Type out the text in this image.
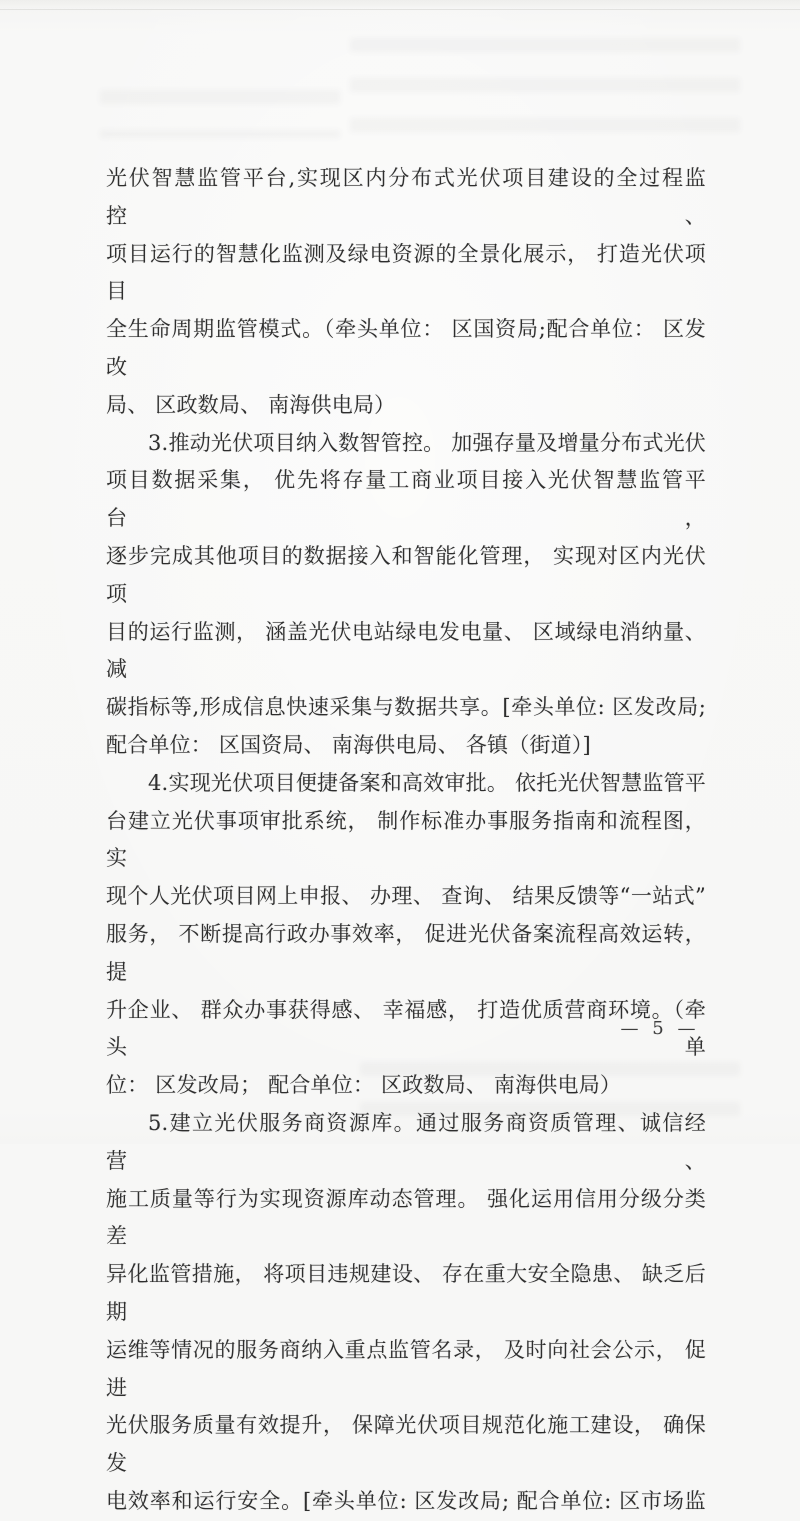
光伏智慧监管平台,实现区内分布式光伏项目建设的全过程监控、
项目运行的智慧化监测及绿电资源的全景化展示， 打造光伏项目
全生命周期监管模式。（牵头单位： 区国资局;配合单位： 区发改
局、 区政数局、 南海供电局）
3.推动光伏项目纳入数智管控。 加强存量及增量分布式光伏
项目数据采集， 优先将存量工商业项目接入光伏智慧监管平台，
逐步完成其他项目的数据接入和智能化管理， 实现对区内光伏项
目的运行监测， 涵盖光伏电站绿电发电量、 区域绿电消纳量、 减
碳指标等,形成信息快速采集与数据共享。[牵头单位: 区发改局;
配合单位： 区国资局、 南海供电局、 各镇（街道）]
4.实现光伏项目便捷备案和高效审批。 依托光伏智慧监管平
台建立光伏事项审批系统， 制作标准办事服务指南和流程图， 实
现个人光伏项目网上申报、 办理、 查询、 结果反馈等“一站式”
服务， 不断提高行政办事效率， 促进光伏备案流程高效运转， 提
升企业、 群众办事获得感、 幸福感， 打造优质营商环境。（牵头单
位： 区发改局； 配合单位： 区政数局、 南海供电局）
5.建立光伏服务商资源库。通过服务商资质管理、诚信经营、
施工质量等行为实现资源库动态管理。 强化运用信用分级分类差
异化监管措施， 将项目违规建设、 存在重大安全隐患、 缺乏后期
运维等情况的服务商纳入重点监管名录， 及时向社会公示， 促进
光伏服务质量有效提升， 保障光伏项目规范化施工建设， 确保发
电效率和运行安全。[牵头单位: 区发改局; 配合单位: 区市场监
— 5 —
